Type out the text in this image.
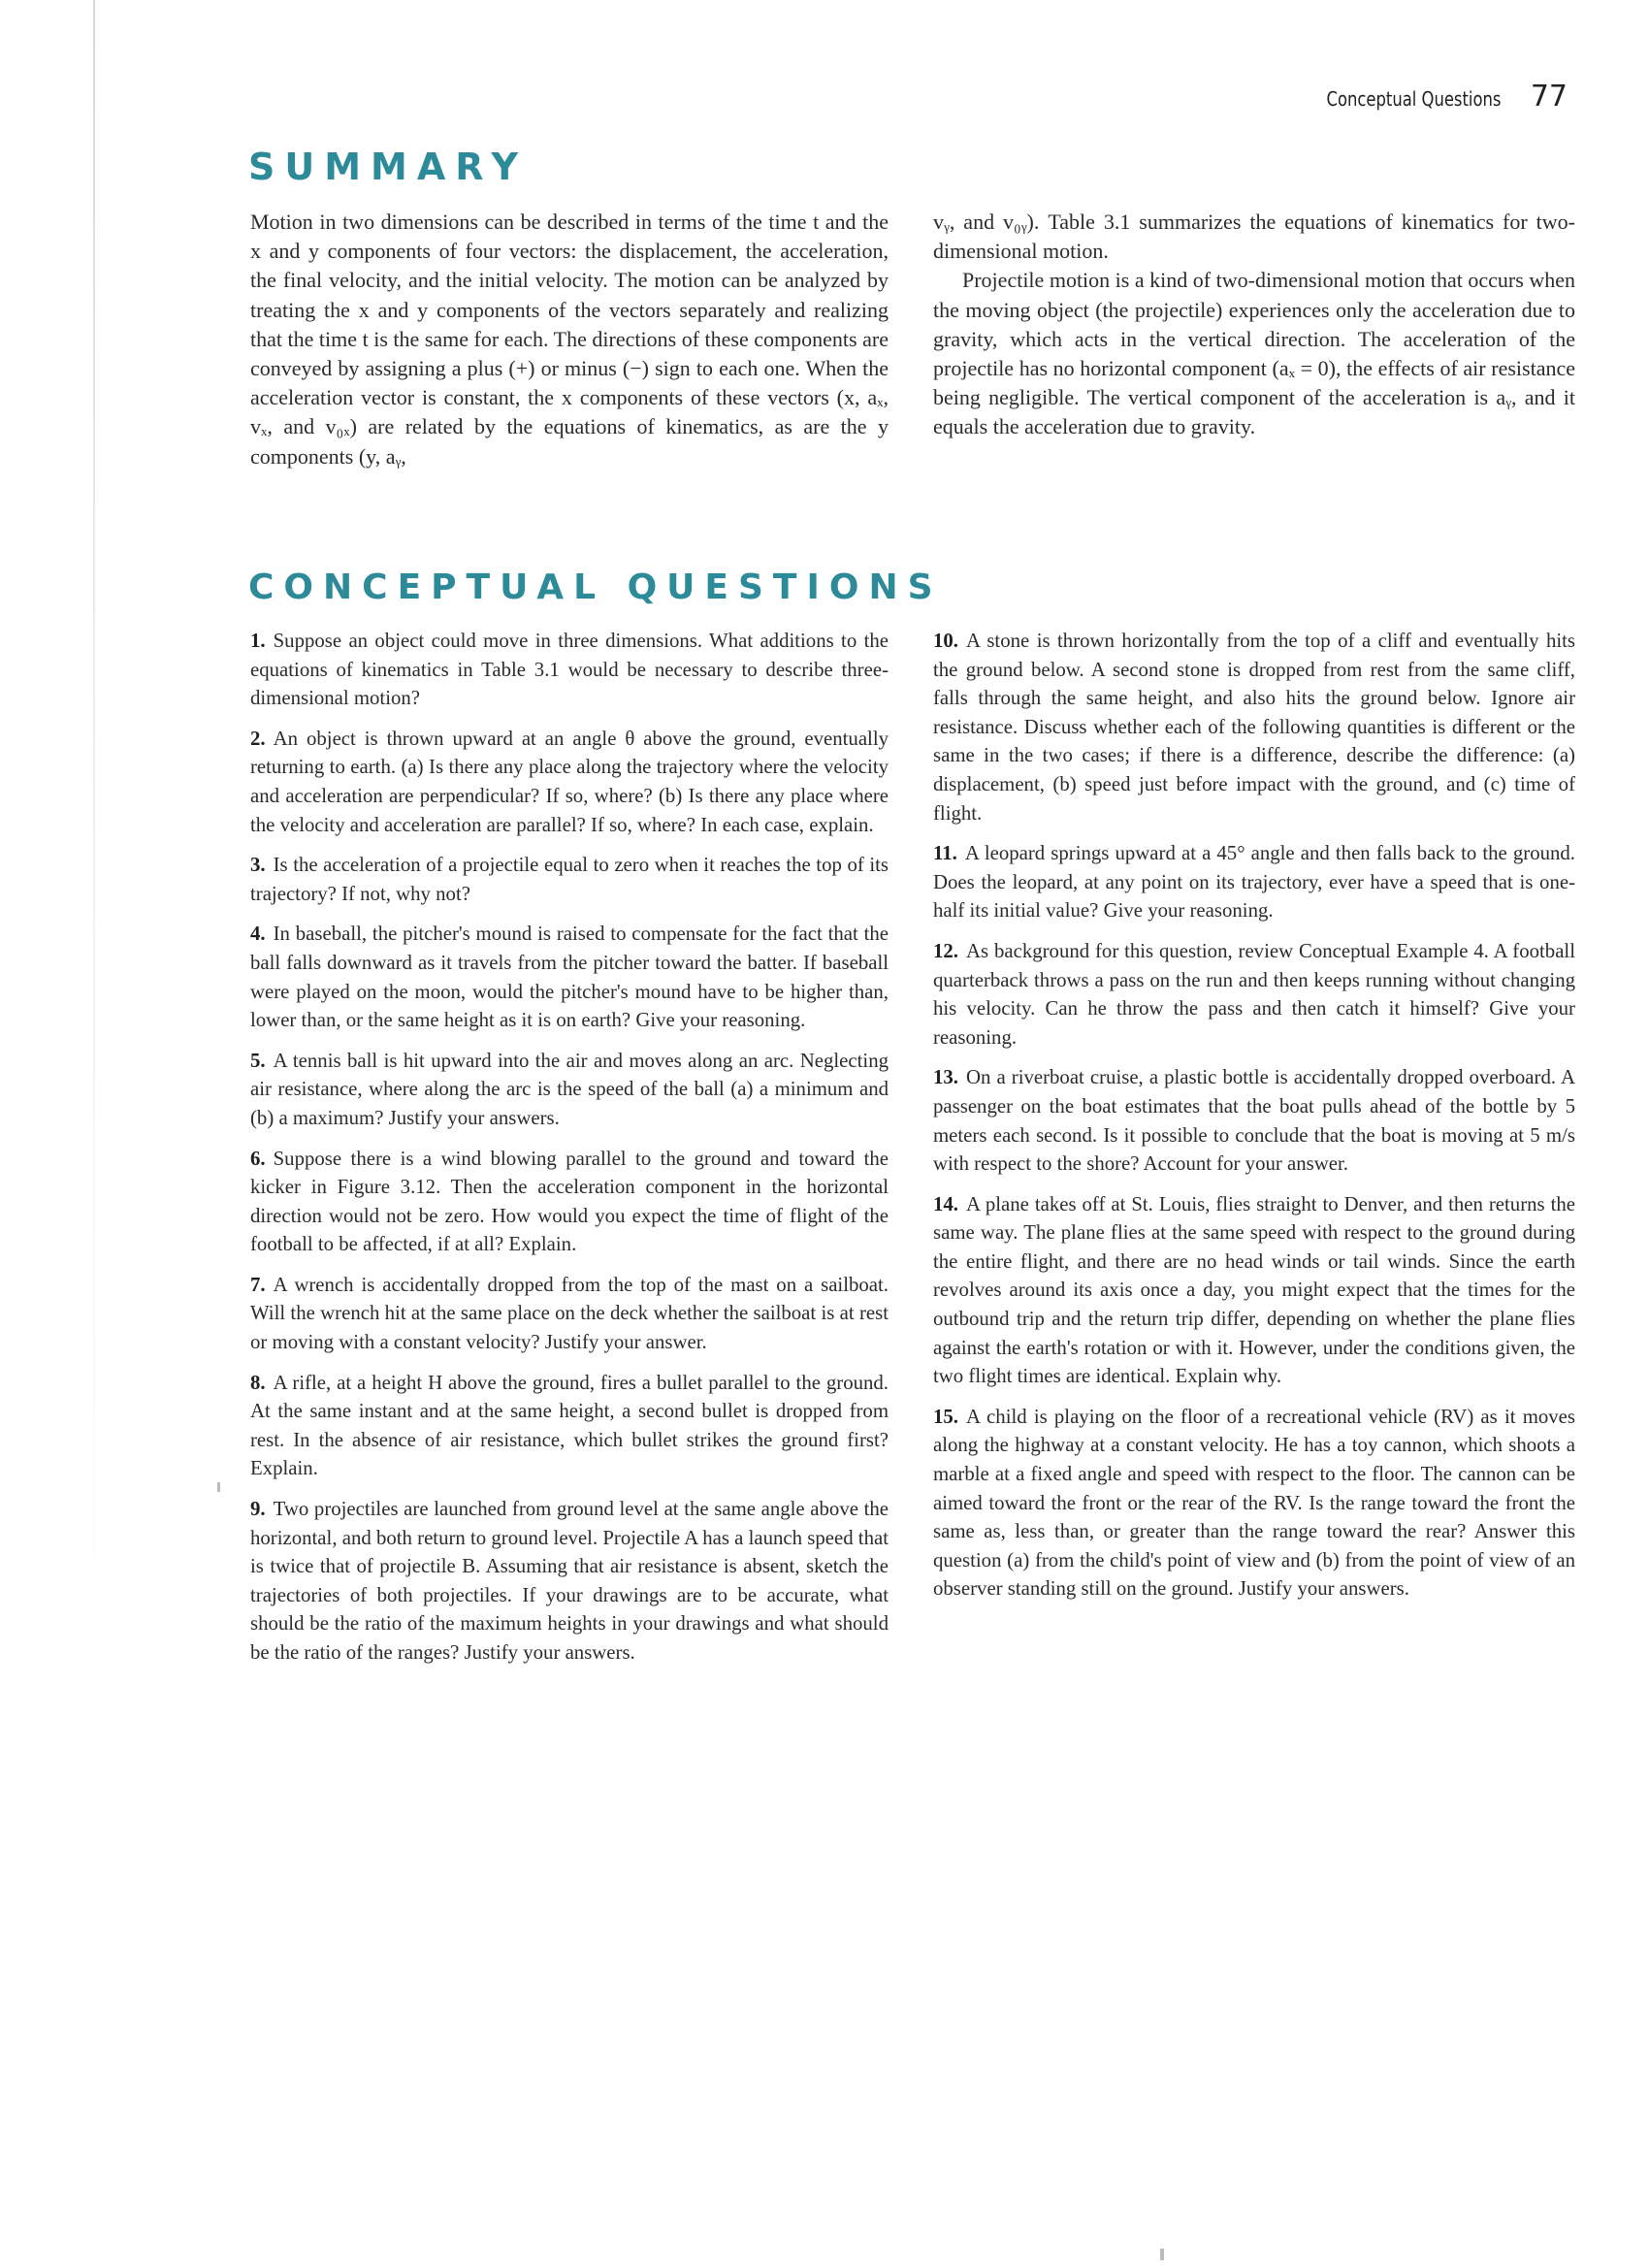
Conceptual Questions 77
SUMMARY

Motion in two dimensions can be described in terms of the time t and the x and y components of four vectors: the displacement, the acceleration, the final velocity, and the initial velocity. The motion can be analyzed by treating the x and y components of the vectors separately and realizing that the time t is the same for each. The directions of these components are conveyed by assigning a plus (+) or minus (−) sign to each one. When the acceleration vector is constant, the x components of these vectors (x, aₓ, vₓ, and v₀ₓ) are related by the equations of kinematics, as are the y components (y, aᵧ,

vᵧ, and v₀ᵧ). Table 3.1 summarizes the equations of kinematics for two-dimensional motion.

Projectile motion is a kind of two-dimensional motion that occurs when the moving object (the projectile) experiences only the acceleration due to gravity, which acts in the vertical direction. The acceleration of the projectile has no horizontal component (aₓ = 0), the effects of air resistance being negligible. The vertical component of the acceleration is aᵧ, and it equals the acceleration due to gravity.

CONCEPTUAL QUESTIONS

1. Suppose an object could move in three dimensions. What additions to the equations of kinematics in Table 3.1 would be necessary to describe three-dimensional motion?

2. An object is thrown upward at an angle θ above the ground, eventually returning to earth. (a) Is there any place along the trajectory where the velocity and acceleration are perpendicular? If so, where? (b) Is there any place where the velocity and acceleration are parallel? If so, where? In each case, explain.

3. Is the acceleration of a projectile equal to zero when it reaches the top of its trajectory? If not, why not?

4. In baseball, the pitcher's mound is raised to compensate for the fact that the ball falls downward as it travels from the pitcher toward the batter. If baseball were played on the moon, would the pitcher's mound have to be higher than, lower than, or the same height as it is on earth? Give your reasoning.

5. A tennis ball is hit upward into the air and moves along an arc. Neglecting air resistance, where along the arc is the speed of the ball (a) a minimum and (b) a maximum? Justify your answers.

6. Suppose there is a wind blowing parallel to the ground and toward the kicker in Figure 3.12. Then the acceleration component in the horizontal direction would not be zero. How would you expect the time of flight of the football to be affected, if at all? Explain.

7. A wrench is accidentally dropped from the top of the mast on a sailboat. Will the wrench hit at the same place on the deck whether the sailboat is at rest or moving with a constant velocity? Justify your answer.

8. A rifle, at a height H above the ground, fires a bullet parallel to the ground. At the same instant and at the same height, a second bullet is dropped from rest. In the absence of air resistance, which bullet strikes the ground first? Explain.

9. Two projectiles are launched from ground level at the same angle above the horizontal, and both return to ground level. Projectile A has a launch speed that is twice that of projectile B. Assuming that air resistance is absent, sketch the trajectories of both projectiles. If your drawings are to be accurate, what should be the ratio of the maximum heights in your drawings and what should be the ratio of the ranges? Justify your answers.

10. A stone is thrown horizontally from the top of a cliff and eventually hits the ground below. A second stone is dropped from rest from the same cliff, falls through the same height, and also hits the ground below. Ignore air resistance. Discuss whether each of the following quantities is different or the same in the two cases; if there is a difference, describe the difference: (a) displacement, (b) speed just before impact with the ground, and (c) time of flight.

11. A leopard springs upward at a 45° angle and then falls back to the ground. Does the leopard, at any point on its trajectory, ever have a speed that is one-half its initial value? Give your reasoning.

12. As background for this question, review Conceptual Example 4. A football quarterback throws a pass on the run and then keeps running without changing his velocity. Can he throw the pass and then catch it himself? Give your reasoning.

13. On a riverboat cruise, a plastic bottle is accidentally dropped overboard. A passenger on the boat estimates that the boat pulls ahead of the bottle by 5 meters each second. Is it possible to conclude that the boat is moving at 5 m/s with respect to the shore? Account for your answer.

14. A plane takes off at St. Louis, flies straight to Denver, and then returns the same way. The plane flies at the same speed with respect to the ground during the entire flight, and there are no head winds or tail winds. Since the earth revolves around its axis once a day, you might expect that the times for the outbound trip and the return trip differ, depending on whether the plane flies against the earth's rotation or with it. However, under the conditions given, the two flight times are identical. Explain why.

15. A child is playing on the floor of a recreational vehicle (RV) as it moves along the highway at a constant velocity. He has a toy cannon, which shoots a marble at a fixed angle and speed with respect to the floor. The cannon can be aimed toward the front or the rear of the RV. Is the range toward the front the same as, less than, or greater than the range toward the rear? Answer this question (a) from the child's point of view and (b) from the point of view of an observer standing still on the ground. Justify your answers.
